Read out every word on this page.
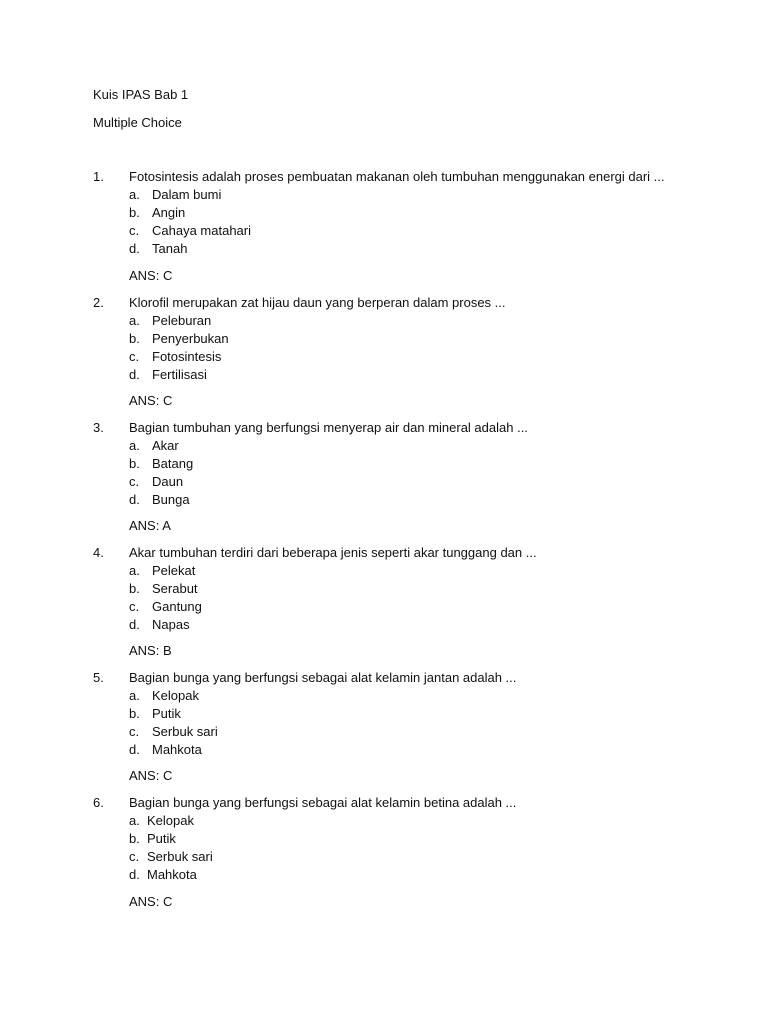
Kuis IPAS Bab 1
Multiple Choice
1. Fotosintesis adalah proses pembuatan makanan oleh tumbuhan menggunakan energi dari ...
a. Dalam bumi
b. Angin
c. Cahaya matahari
d. Tanah
ANS: C
2. Klorofil merupakan zat hijau daun yang berperan dalam proses ...
a. Peleburan
b. Penyerbukan
c. Fotosintesis
d. Fertilisasi
ANS: C
3. Bagian tumbuhan yang berfungsi menyerap air dan mineral adalah ...
a. Akar
b. Batang
c. Daun
d. Bunga
ANS: A
4. Akar tumbuhan terdiri dari beberapa jenis seperti akar tunggang dan ...
a. Pelekat
b. Serabut
c. Gantung
d. Napas
ANS: B
5. Bagian bunga yang berfungsi sebagai alat kelamin jantan adalah ...
a. Kelopak
b. Putik
c. Serbuk sari
d. Mahkota
ANS: C
6. Bagian bunga yang berfungsi sebagai alat kelamin betina adalah ...
a. Kelopak
b. Putik
c. Serbuk sari
d. Mahkota
ANS: C
